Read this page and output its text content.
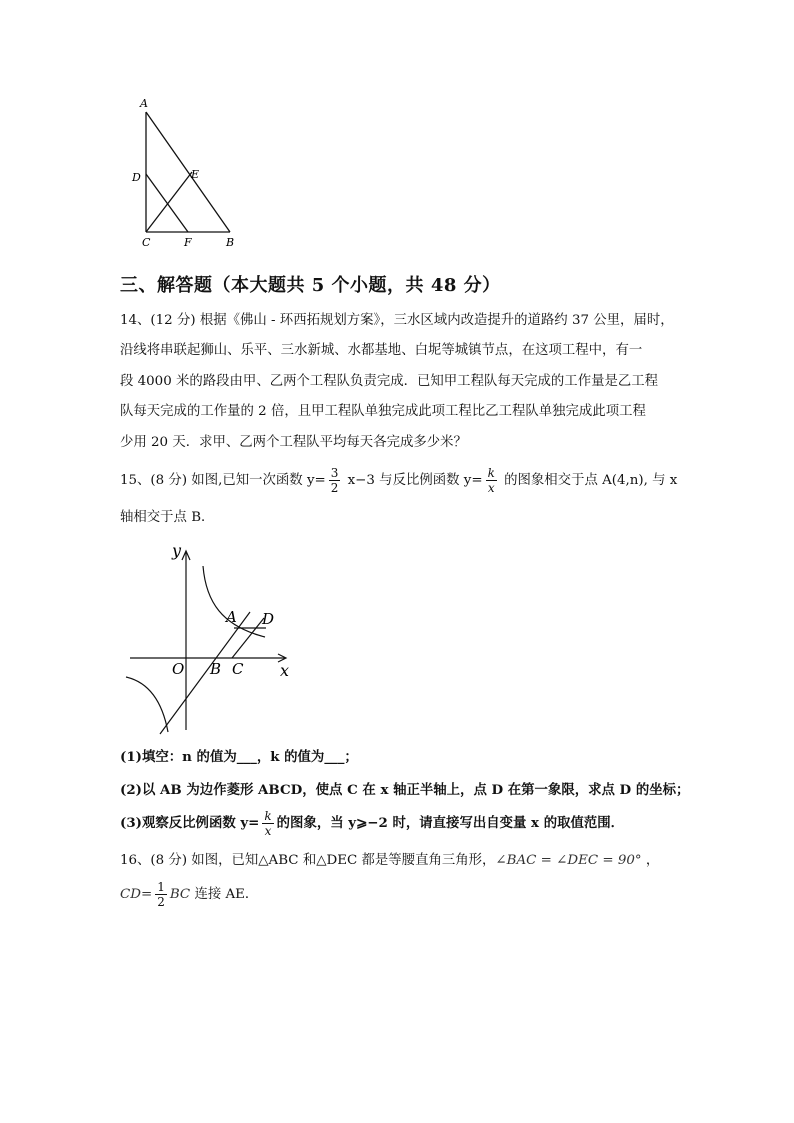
A
D	E
C	F	B
三、解答题（本大题共 5 个小题，共 48 分）
14、(12 分) 根据《佛山 - 环西拓规划方案》，三水区域内改造提升的道路约 37 公里，届时，
沿线将串联起狮山、乐平、三水新城、水都基地、白坭等城镇节点，在这项工程中，有一
段 4000 米的路段由甲、乙两个工程队负责完成．已知甲工程队每天完成的工作量是乙工程
队每天完成的工作量的 2 倍，且甲工程队单独完成此项工程比乙工程队单独完成此项工程
少用 20 天．求甲、乙两个工程队平均每天各完成多少米？
15、(8 分) 如图,已知一次函数 $y= \frac{3}{2} x-3$ 与反比例函数 $y= \frac{k}{x}$ 的图象相交于点 A(4,n), 与 x
轴相交于点 B．
y
x
O
A
B C
D
(1)填空：n 的值为___，k 的值为___；
(2)以 AB 为边作菱形 ABCD，使点 C 在 x 轴正半轴上，点 D 在第一象限，求点 D 的坐标；
(3)观察反比例函数 $y= \frac{k}{x}$ 的图象，当 y⩾−2 时，请直接写出自变量 x 的取值范围．
16、(8 分) 如图，已知△ABC 和△DEC 都是等腰直角三角形，∠BAC = ∠DEC = 90° ，
$CD= \frac{1}{2}$ BC 连接 AE．
